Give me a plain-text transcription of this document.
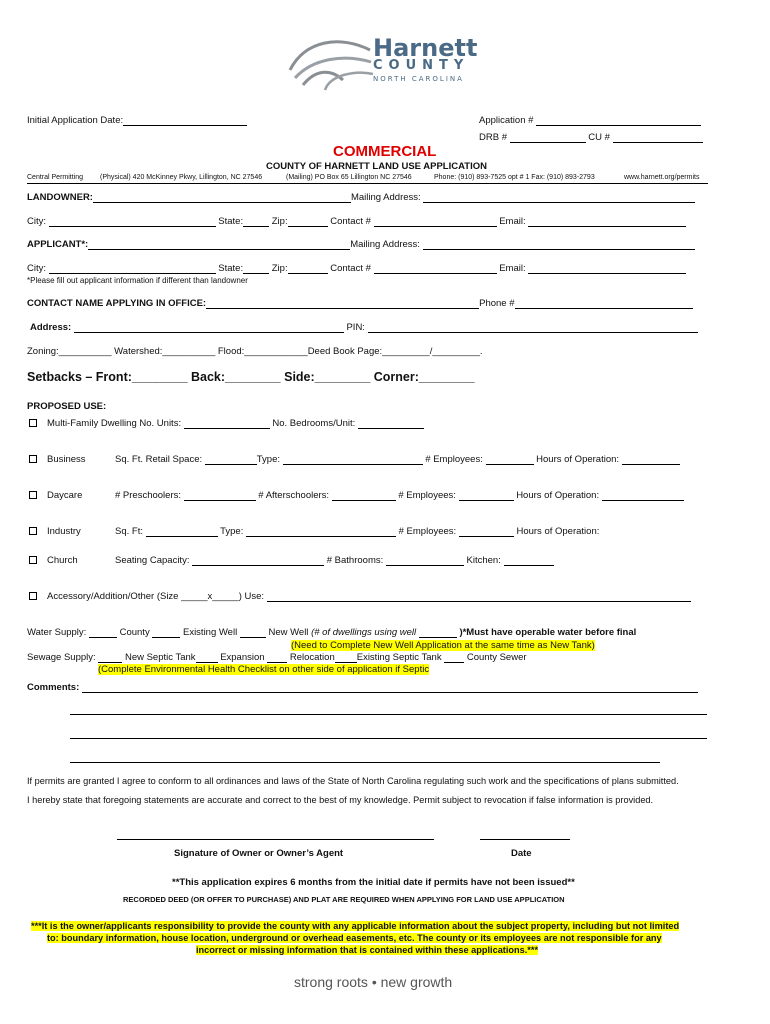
Harnett
COUNTY
NORTH CAROLINA
Initial Application Date:	Application #
DRB #	CU #
COMMERCIAL
COUNTY OF HARNETT LAND USE APPLICATION
Central Permitting (Physical) 420 McKinney Pkwy, Lillington, NC 27546	(Mailing) PO Box 65 Lillington NC 27546	Phone: (910) 893-7525 opt # 1 Fax: (910) 893-2793	www.harnett.org/permits
LANDOWNER:	Mailing Address:
City:	State:	Zip:	Contact #	Email:
APPLICANT*:	Mailing Address:
City:	State:	Zip:	Contact #	Email:
*Please fill out applicant information if different than landowner
CONTACT NAME APPLYING IN OFFICE:	Phone #
Address:	PIN:
Zoning:__________ Watershed:__________ Flood:____________Deed Book Page:_________/_________.
Setbacks – Front:________ Back:________ Side:________ Corner:________
PROPOSED USE:
Multi-Family Dwelling No. Units:	No. Bedrooms/Unit:
Business	Sq. Ft. Retail Space:	Type:	# Employees:	Hours of Operation:
Daycare	# Preschoolers:	# Afterschoolers:	# Employees:	Hours of Operation:
Industry	Sq. Ft:	Type:	# Employees:	Hours of Operation:
Church	Seating Capacity:	# Bathrooms:	Kitchen:
Accessory/Addition/Other (Size _____x_____) Use:
Water Supply:	County	Existing Well	New Well (# of dwellings using well	)*Must have operable water before final
(Need to Complete New Well Application at the same time as New Tank)
Sewage Supply:	New Septic Tank	Expansion	Relocation Existing Septic Tank	County Sewer
(Complete Environmental Health Checklist on other side of application if Septic
Comments:
If permits are granted I agree to conform to all ordinances and laws of the State of North Carolina regulating such work and the specifications of plans submitted.
I hereby state that foregoing statements are accurate and correct to the best of my knowledge. Permit subject to revocation if false information is provided.
Signature of Owner or Owner’s Agent	Date
**This application expires 6 months from the initial date if permits have not been issued**
RECORDED DEED (OR OFFER TO PURCHASE) AND PLAT ARE REQUIRED WHEN APPLYING FOR LAND USE APPLICATION
***It is the owner/applicants responsibility to provide the county with any applicable information about the subject property, including but not limited
to: boundary information, house location, underground or overhead easements, etc. The county or its employees are not responsible for any
incorrect or missing information that is contained within these applications.***
strong roots • new growth
